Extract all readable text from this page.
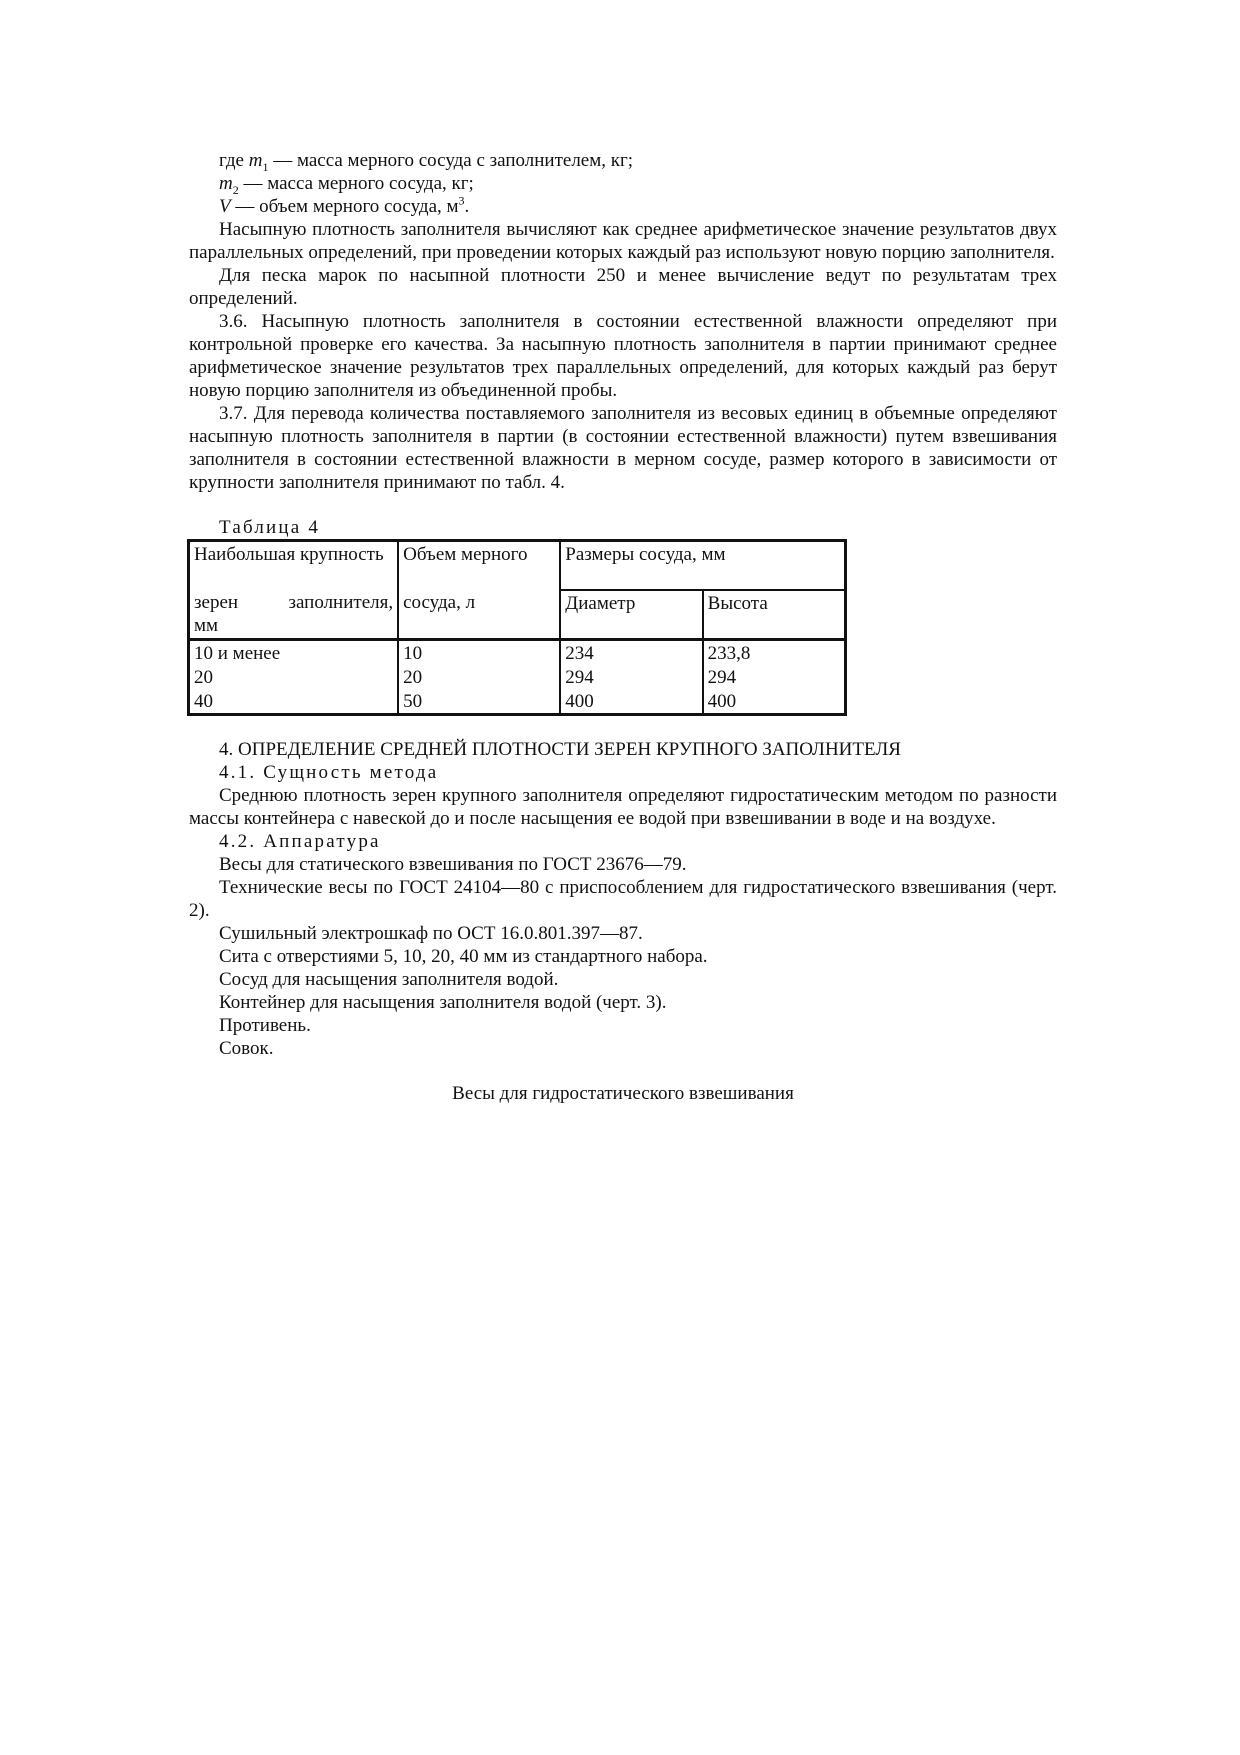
где $m_1$ — масса мерного сосуда с заполнителем, кг;

$m_2$ — масса мерного сосуда, кг;

V — объем мерного сосуда, $м^3$.

Насыпную плотность заполнителя вычисляют как среднее арифметическое значение результатов двух параллельных определений, при проведении которых каждый раз используют новую порцию заполнителя.

Для песка марок по насыпной плотности 250 и менее вычисление ведут по результатам трех определений.

3.6. Насыпную плотность заполнителя в состоянии естественной влажности определяют при контрольной проверке его качества. За насыпную плотность заполнителя в партии принимают среднее арифметическое значение результатов трех параллельных определений, для которых каждый раз берут новую порцию заполнителя из объединенной пробы.

3.7. Для перевода количества поставляемого заполнителя из весовых единиц в объемные определяют насыпную плотность заполнителя в партии (в состоянии естественной влажности) путем взвешивания заполнителя в состоянии естественной влажности в мерном сосуде, размер которого в зависимости от крупности заполнителя принимают по табл. 4.

Таблица 4

Наибольшая крупность	Объем мерного	Размеры сосуда, мм	

зерен заполнителя,
мм	сосуда, л	Диаметр	Высота
10 и менее	10	234	233,8
20	20	294	294
40	50	400	400

4. ОПРЕДЕЛЕНИЕ СРЕДНЕЙ ПЛОТНОСТИ ЗЕРЕН КРУПНОГО ЗАПОЛНИТЕЛЯ

4.1. Сущность метода

Среднюю плотность зерен крупного заполнителя определяют гидростатическим методом по разности массы контейнера с навеской до и после насыщения ее водой при взвешивании в воде и на воздухе.

4.2. Аппаратура

Весы для статического взвешивания по ГОСТ 23676—79.

Технические весы по ГОСТ 24104—80 с приспособлением для гидростатического взвешивания (черт. 2).

Сушильный электрошкаф по ОСТ 16.0.801.397—87.

Сита с отверстиями 5, 10, 20, 40 мм из стандартного набора.

Сосуд для насыщения заполнителя водой.

Контейнер для насыщения заполнителя водой (черт. 3).

Противень.

Совок.

Весы для гидростатического взвешивания
